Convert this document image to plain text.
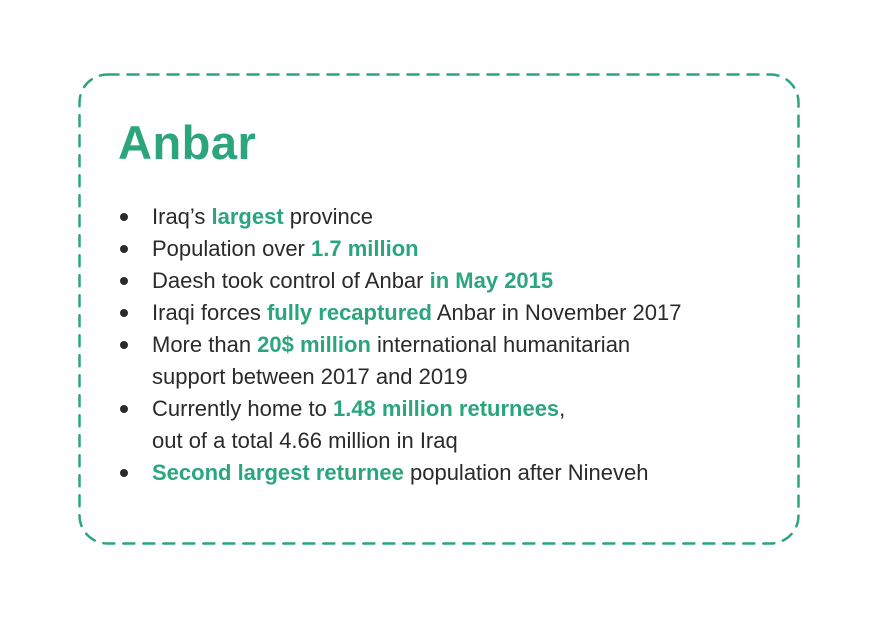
Anbar
Iraq’s largest province
Population over 1.7 million
Daesh took control of Anbar in May 2015
Iraqi forces fully recaptured Anbar in November 2017
More than 20$ million international humanitarian
support between 2017 and 2019
Currently home to 1.48 million returnees,
out of a total 4.66 million in Iraq
Second largest returnee population after Nineveh
